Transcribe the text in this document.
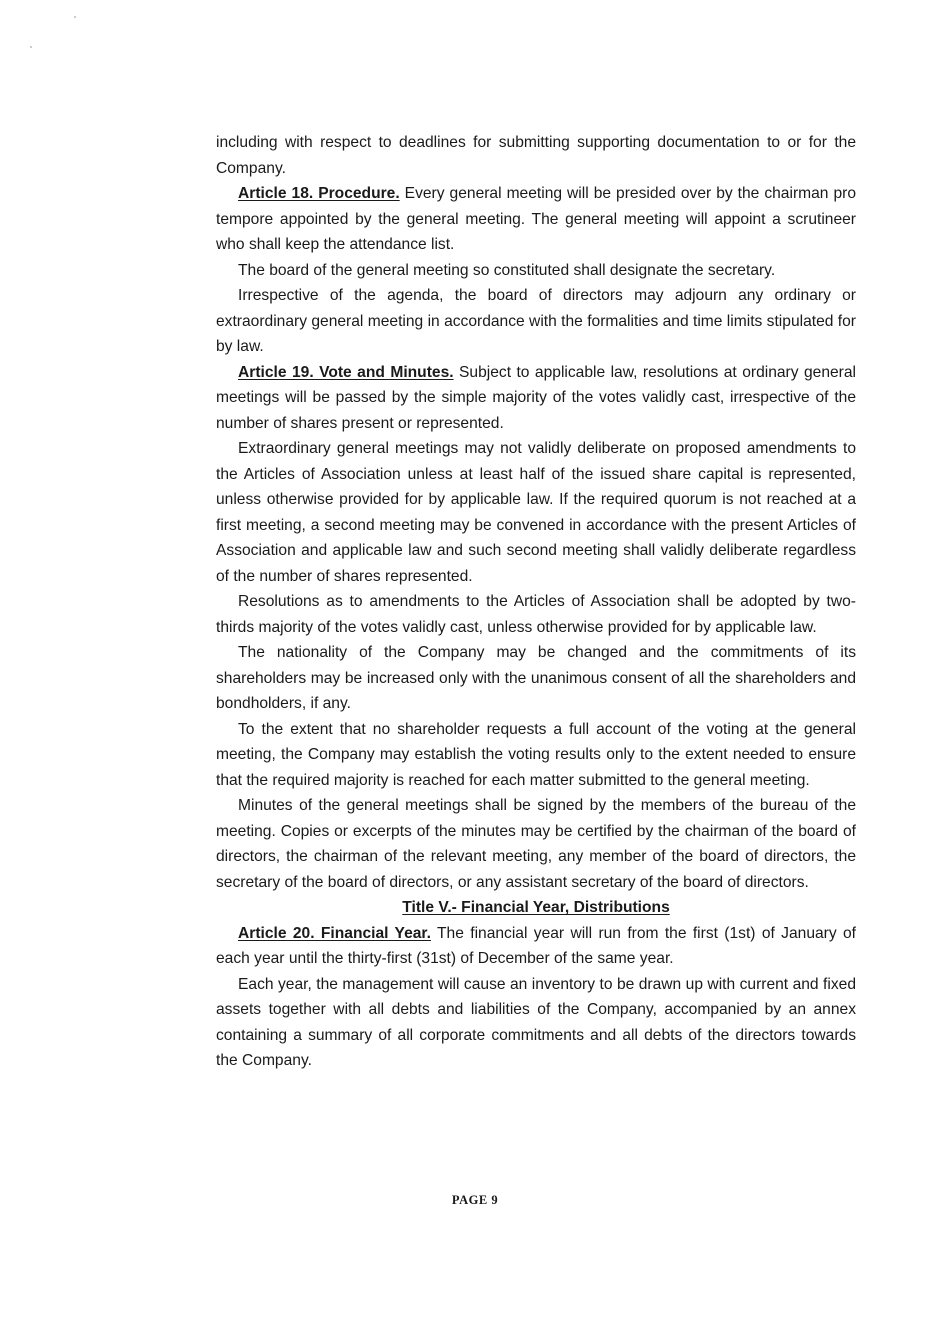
including with respect to deadlines for submitting supporting documentation to or for the Company.

Article 18. Procedure. Every general meeting will be presided over by the chairman pro tempore appointed by the general meeting. The general meeting will appoint a scrutineer who shall keep the attendance list.

The board of the general meeting so constituted shall designate the secretary.

Irrespective of the agenda, the board of directors may adjourn any ordinary or extraordinary general meeting in accordance with the formalities and time limits stipulated for by law.

Article 19. Vote and Minutes. Subject to applicable law, resolutions at ordinary general meetings will be passed by the simple majority of the votes validly cast, irrespective of the number of shares present or represented.

Extraordinary general meetings may not validly deliberate on proposed amendments to the Articles of Association unless at least half of the issued share capital is represented, unless otherwise provided for by applicable law. If the required quorum is not reached at a first meeting, a second meeting may be convened in accordance with the present Articles of Association and applicable law and such second meeting shall validly deliberate regardless of the number of shares represented.

Resolutions as to amendments to the Articles of Association shall be adopted by two-thirds majority of the votes validly cast, unless otherwise provided for by applicable law.

The nationality of the Company may be changed and the commitments of its shareholders may be increased only with the unanimous consent of all the shareholders and bondholders, if any.

To the extent that no shareholder requests a full account of the voting at the general meeting, the Company may establish the voting results only to the extent needed to ensure that the required majority is reached for each matter submitted to the general meeting.

Minutes of the general meetings shall be signed by the members of the bureau of the meeting. Copies or excerpts of the minutes may be certified by the chairman of the board of directors, the chairman of the relevant meeting, any member of the board of directors, the secretary of the board of directors, or any assistant secretary of the board of directors.

Title V.- Financial Year, Distributions

Article 20. Financial Year. The financial year will run from the first (1st) of January of each year until the thirty-first (31st) of December of the same year.

Each year, the management will cause an inventory to be drawn up with current and fixed assets together with all debts and liabilities of the Company, accompanied by an annex containing a summary of all corporate commitments and all debts of the directors towards the Company.

PAGE 9
